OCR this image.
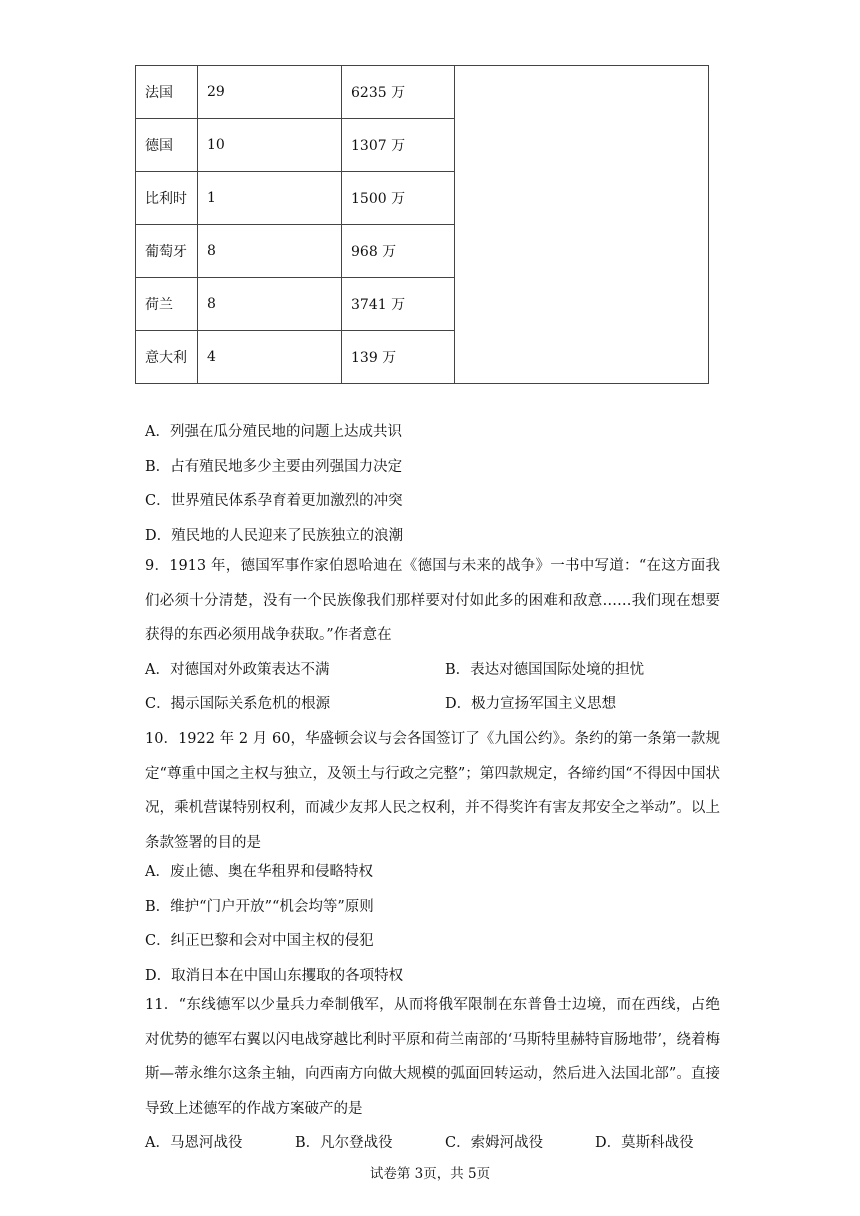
法国	29	6235 万	
德国	10	1307 万	
比利时	1	1500 万	
葡萄牙	8	968 万	
荷兰	8	3741 万	
意大利	4	139 万	
A．列强在瓜分殖民地的问题上达成共识
B．占有殖民地多少主要由列强国力决定
C．世界殖民体系孕育着更加激烈的冲突
D．殖民地的人民迎来了民族独立的浪潮
9．1913 年，德国军事作家伯恩哈迪在《德国与未来的战争》一书中写道：“在这方面我们必须十分清楚，没有一个民族像我们那样要对付如此多的困难和敌意……我们现在想要获得的东西必须用战争获取。”作者意在
A．对德国对外政策表达不满	B．表达对德国国际处境的担忧
C．揭示国际关系危机的根源	D．极力宣扬军国主义思想
10．1922 年 2 月 60，华盛顿会议与会各国签订了《九国公约》。条约的第一条第一款规定“尊重中国之主权与独立，及领土与行政之完整”；第四款规定，各缔约国“不得因中国状况，乘机营谋特别权利，而减少友邦人民之权利，并不得奖许有害友邦安全之举动”。以上条款签署的目的是
A．废止德、奥在华租界和侵略特权
B．维护“门户开放”“机会均等”原则
C．纠正巴黎和会对中国主权的侵犯
D．取消日本在中国山东攫取的各项特权
11．“东线德军以少量兵力牵制俄军，从而将俄军限制在东普鲁士边境，而在西线，占绝对优势的德军右翼以闪电战穿越比利时平原和荷兰南部的‘马斯特里赫特盲肠地带’，绕着梅斯—蒂永维尔这条主轴，向西南方向做大规模的弧面回转运动，然后进入法国北部”。直接导致上述德军的作战方案破产的是
A．马恩河战役	B．凡尔登战役	C．索姆河战役	D．莫斯科战役
试卷第 3页，共 5页
